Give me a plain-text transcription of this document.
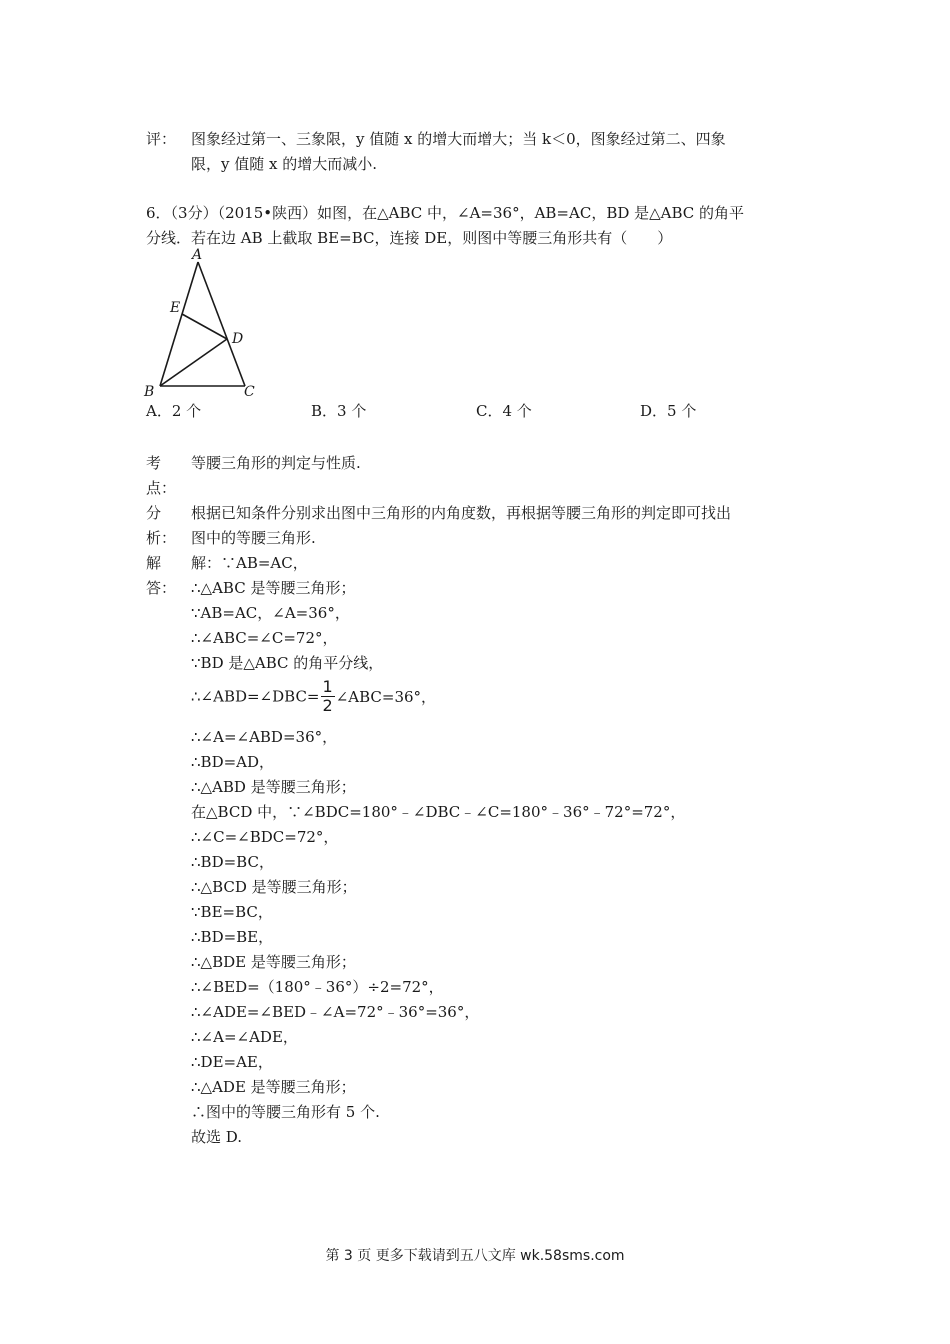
评： 图象经过第一、三象限，y 值随 x 的增大而增大；当 k＜0，图象经过第二、四象
限，y 值随 x 的增大而减小.
6．（3分）（2015•陕西）如图，在△ABC 中，∠A=36°，AB=AC，BD 是△ABC 的角平
分线．若在边 AB 上截取 BE=BC，连接 DE，则图中等腰三角形共有（　　）
A
E
D
B	C
A．2 个	B．3 个	C．4 个	D．5 个
考
点：
等腰三角形的判定与性质.
分
析：
根据已知条件分别求出图中三角形的内角度数，再根据等腰三角形的判定即可找出
图中的等腰三角形.
解
答：
解：∵AB=AC，
∴△ABC 是等腰三角形；
∵AB=AC，∠A=36°，
∴∠ABC=∠C=72°，
∵BD 是△ABC 的角平分线，
∴∠ABD=∠DBC= $\frac{1}{2}$ ∠ABC=36°，
∴∠A=∠ABD=36°，
∴BD=AD，
∴△ABD 是等腰三角形；
在△BCD 中，∵∠BDC=180°﹣∠DBC﹣∠C=180°﹣36°﹣72°=72°，
∴∠C=∠BDC=72°，
∴BD=BC，
∴△BCD 是等腰三角形；
∵BE=BC，
∴BD=BE，
∴△BDE 是等腰三角形；
∴∠BED=（180°﹣36°）÷2=72°，
∴∠ADE=∠BED﹣∠A=72°﹣36°=36°，
∴∠A=∠ADE，
∴DE=AE，
∴△ADE 是等腰三角形；
∴图中的等腰三角形有 5 个.
故选 D.
第 3 页 更多下载请到五八文库 wk.58sms.com
